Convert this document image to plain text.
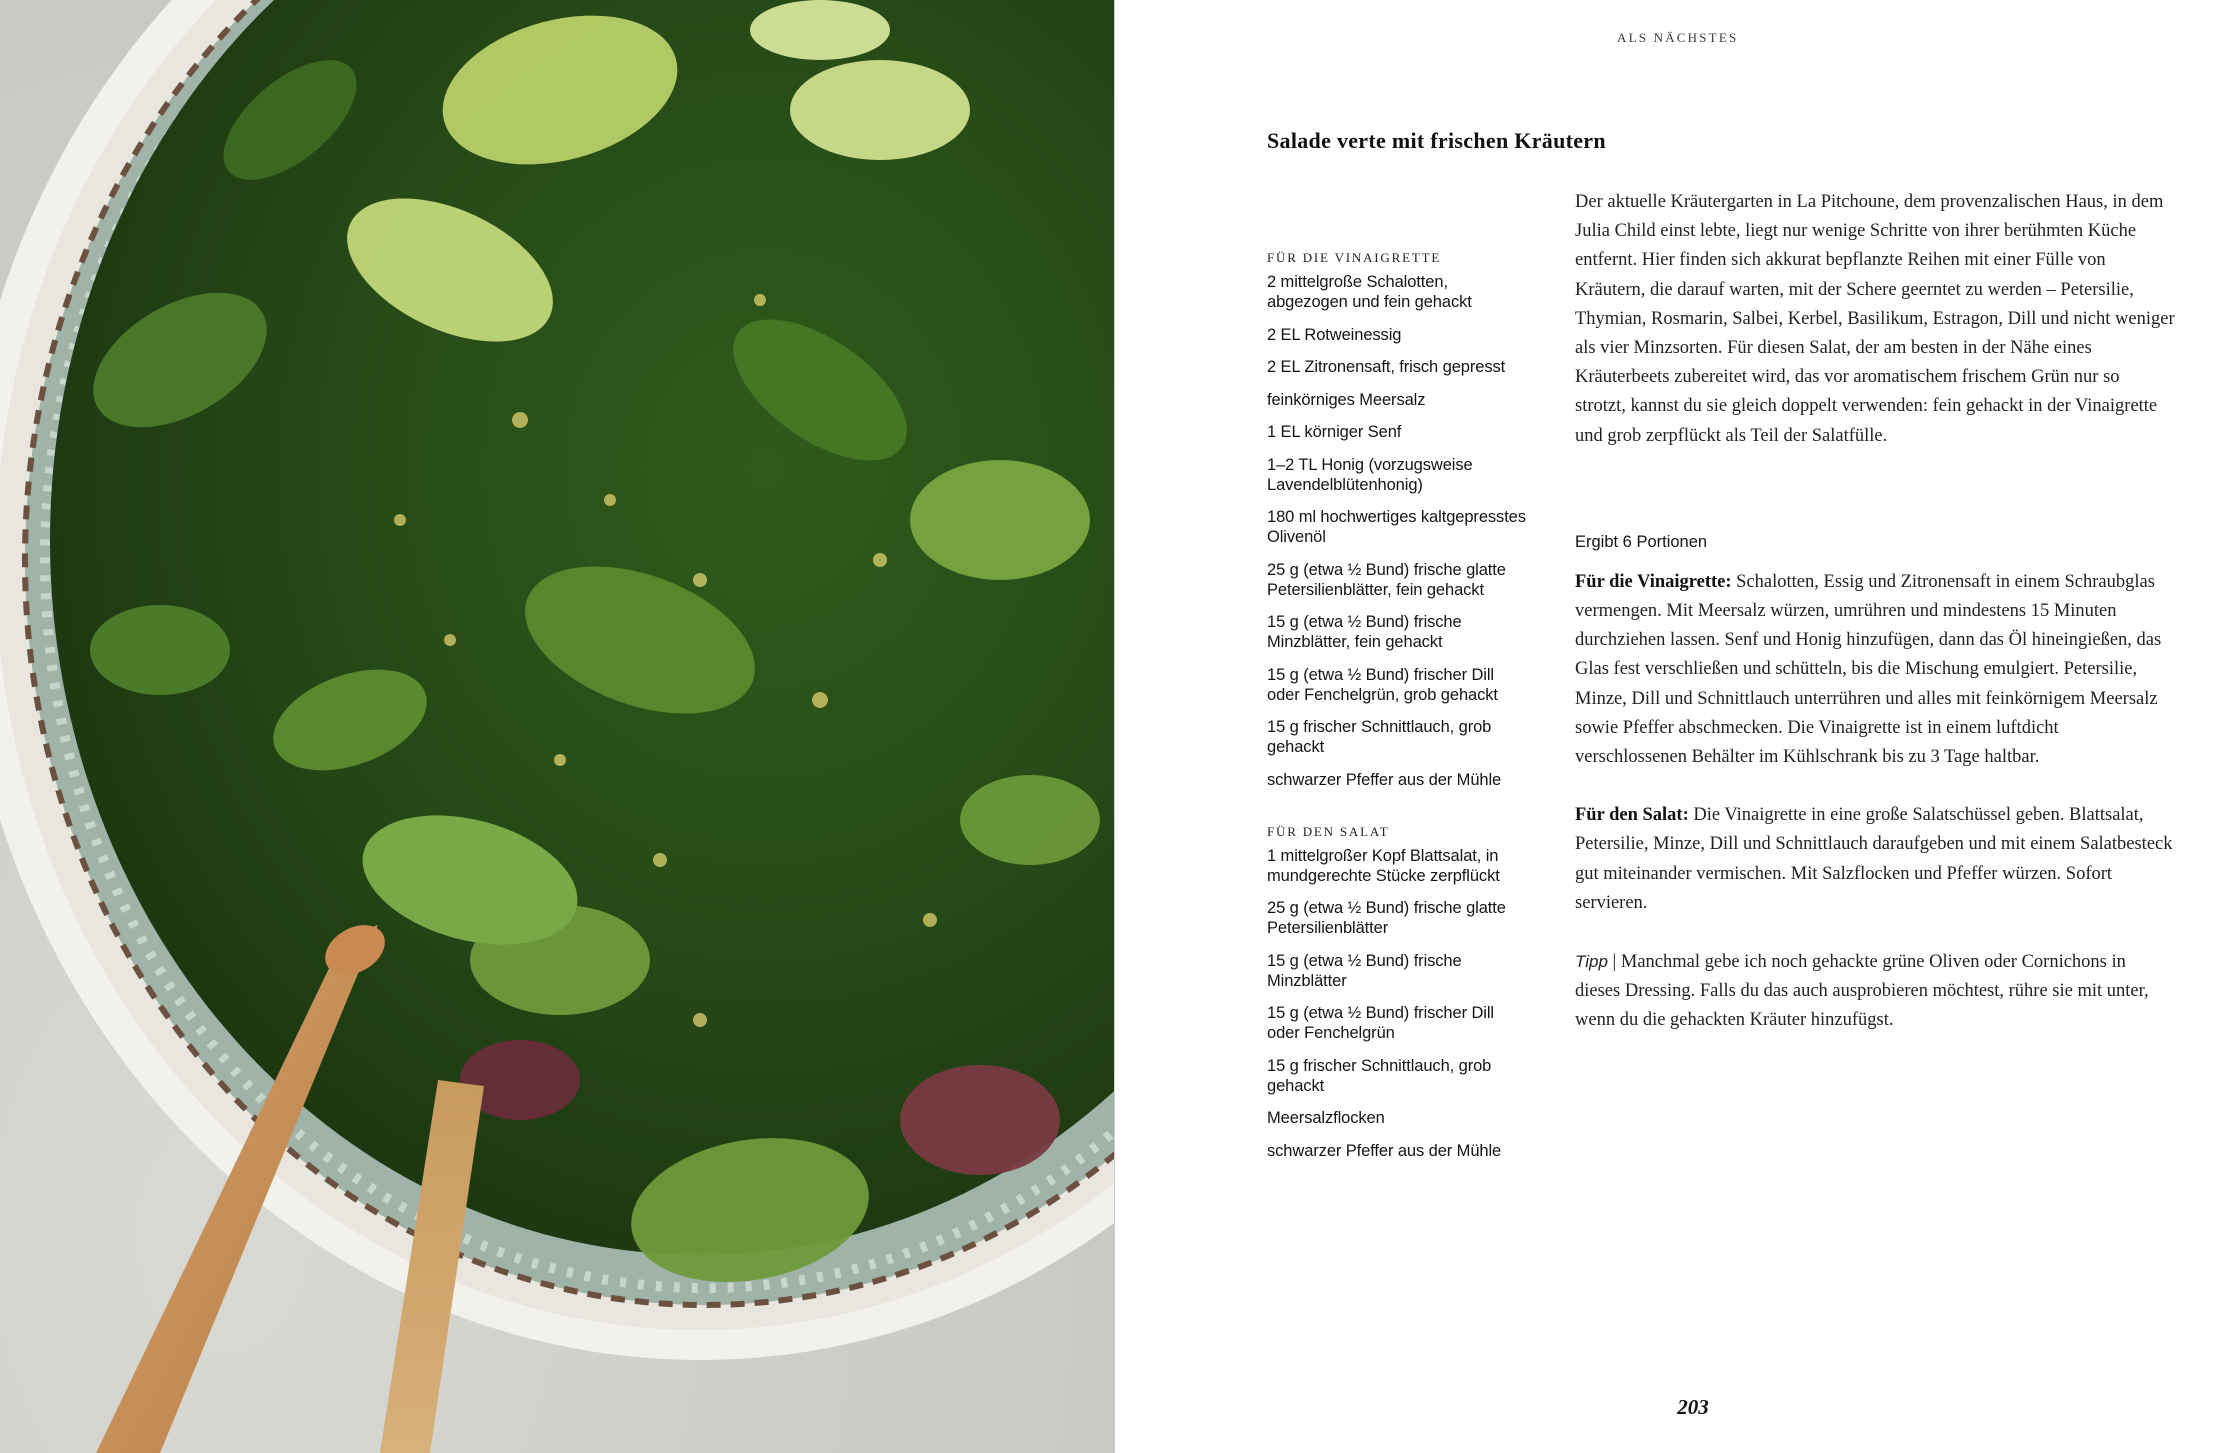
ALS NÄCHSTES
Salade verte mit frischen Kräutern
FÜR DIE VINAIGRETTE
2 mittelgroße Schalotten, abgezogen und fein gehackt
2 EL Rotweinessig
2 EL Zitronensaft, frisch gepresst
feinkörniges Meersalz
1 EL körniger Senf
1–2 TL Honig (vorzugsweise Lavendelblütenhonig)
180 ml hochwertiges kaltgepresstes Olivenöl
25 g (etwa ½ Bund) frische glatte Petersilienblätter, fein gehackt
15 g (etwa ½ Bund) frische Minzblätter, fein gehackt
15 g (etwa ½ Bund) frischer Dill oder Fenchelgrün, grob gehackt
15 g frischer Schnittlauch, grob gehackt
schwarzer Pfeffer aus der Mühle
FÜR DEN SALAT
1 mittelgroßer Kopf Blattsalat, in mundgerechte Stücke zerpflückt
25 g (etwa ½ Bund) frische glatte Petersilienblätter
15 g (etwa ½ Bund) frische Minzblätter
15 g (etwa ½ Bund) frischer Dill oder Fenchelgrün
15 g frischer Schnittlauch, grob gehackt
Meersalzflocken
schwarzer Pfeffer aus der Mühle

Der aktuelle Kräutergarten in La Pitchoune, dem provenzalischen Haus, in dem Julia Child einst lebte, liegt nur wenige Schritte von ihrer berühmten Küche entfernt. Hier finden sich akkurat bepflanzte Reihen mit einer Fülle von Kräutern, die darauf warten, mit der Schere geerntet zu werden – Petersilie, Thymian, Rosmarin, Salbei, Kerbel, Basilikum, Estragon, Dill und nicht weniger als vier Minzsorten. Für diesen Salat, der am besten in der Nähe eines Kräuterbeets zubereitet wird, das vor aromatischem frischem Grün nur so strotzt, kannst du sie gleich doppelt verwenden: fein gehackt in der Vinaigrette und grob zerpflückt als Teil der Salatfülle.

Ergibt 6 Portionen

Für die Vinaigrette: Schalotten, Essig und Zitronensaft in einem Schraubglas vermengen. Mit Meersalz würzen, umrühren und mindestens 15 Minuten durchziehen lassen. Senf und Honig hinzufügen, dann das Öl hineingießen, das Glas fest verschließen und schütteln, bis die Mischung emulgiert. Petersilie, Minze, Dill und Schnittlauch unterrühren und alles mit feinkörnigem Meersalz sowie Pfeffer abschmecken. Die Vinaigrette ist in einem luftdicht verschlossenen Behälter im Kühlschrank bis zu 3 Tage haltbar.

Für den Salat: Die Vinaigrette in eine große Salatschüssel geben. Blattsalat, Petersilie, Minze, Dill und Schnittlauch daraufgeben und mit einem Salatbesteck gut miteinander vermischen. Mit Salzflocken und Pfeffer würzen. Sofort servieren.

Tipp | Manchmal gebe ich noch gehackte grüne Oliven oder Cornichons in dieses Dressing. Falls du das auch ausprobieren möchtest, rühre sie mit unter, wenn du die gehackten Kräuter hinzufügst.

203
